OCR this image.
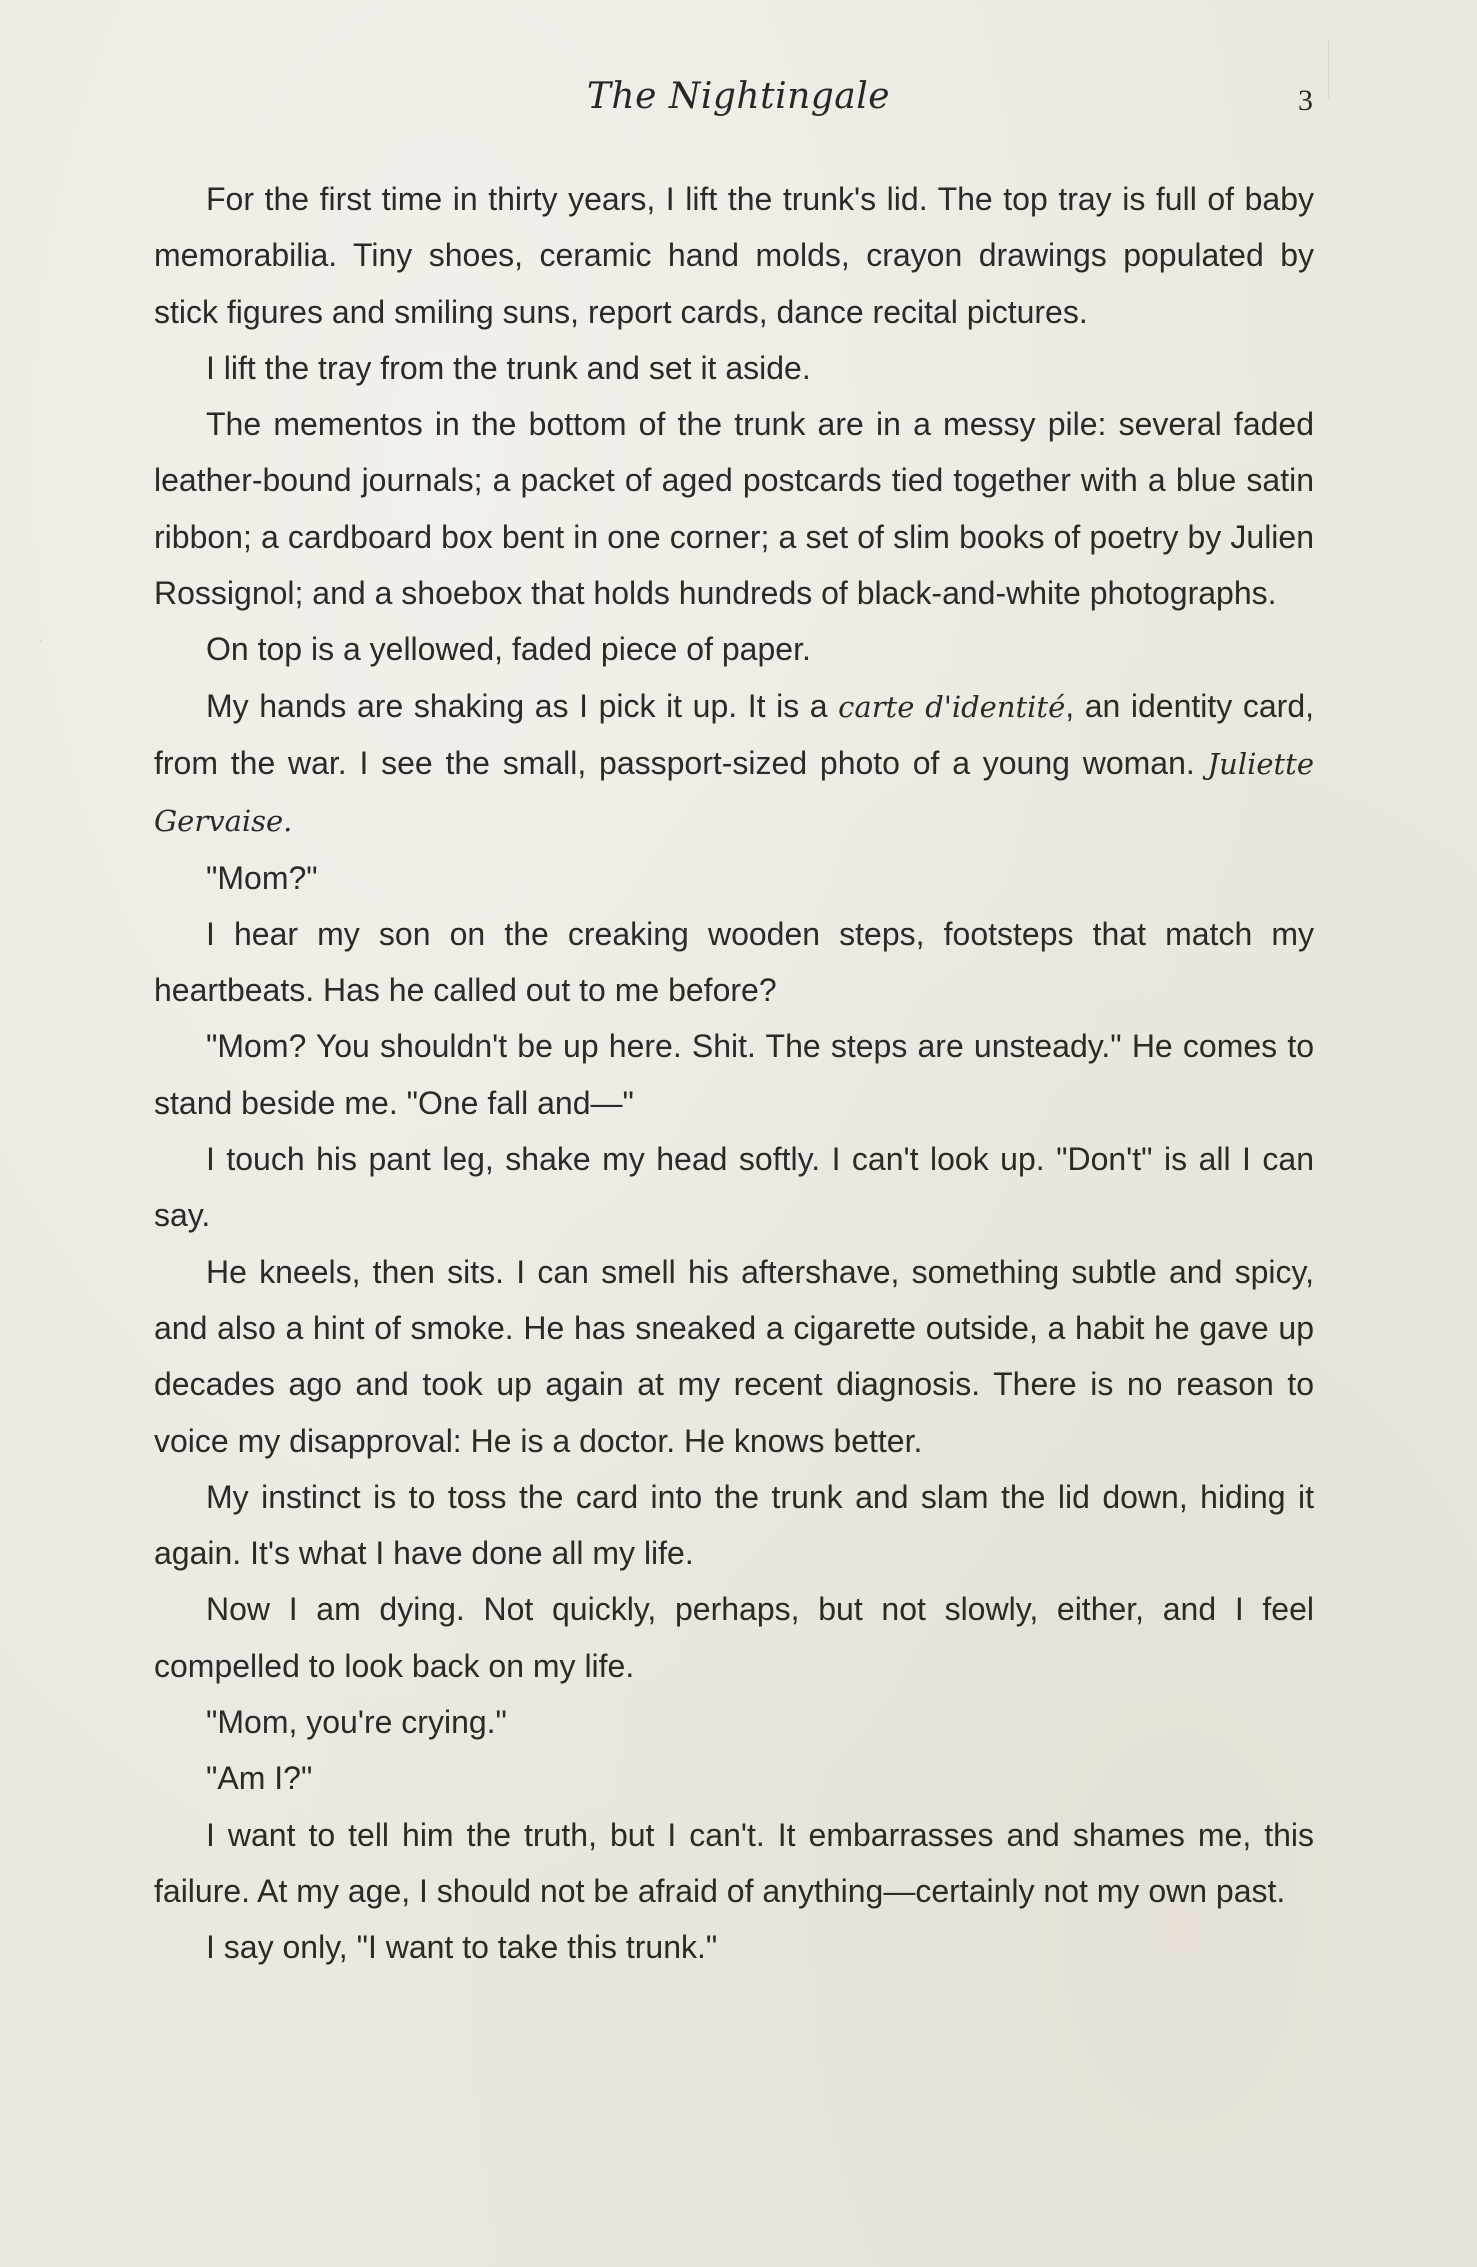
The Nightingale	3

For the first time in thirty years, I lift the trunk's lid. The top tray is full of baby memorabilia. Tiny shoes, ceramic hand molds, crayon drawings populated by stick figures and smiling suns, report cards, dance recital pictures.

I lift the tray from the trunk and set it aside.

The mementos in the bottom of the trunk are in a messy pile: several faded leather-bound journals; a packet of aged postcards tied together with a blue satin ribbon; a cardboard box bent in one corner; a set of slim books of poetry by Julien Rossignol; and a shoebox that holds hundreds of black-and-white photographs.

On top is a yellowed, faded piece of paper.

My hands are shaking as I pick it up. It is a carte d'identité, an identity card, from the war. I see the small, passport-sized photo of a young woman. Juliette Gervaise.

"Mom?"

I hear my son on the creaking wooden steps, footsteps that match my heartbeats. Has he called out to me before?

"Mom? You shouldn't be up here. Shit. The steps are unsteady." He comes to stand beside me. "One fall and—"

I touch his pant leg, shake my head softly. I can't look up. "Don't" is all I can say.

He kneels, then sits. I can smell his aftershave, something subtle and spicy, and also a hint of smoke. He has sneaked a cigarette outside, a habit he gave up decades ago and took up again at my recent diagnosis. There is no reason to voice my disapproval: He is a doctor. He knows better.

My instinct is to toss the card into the trunk and slam the lid down, hiding it again. It's what I have done all my life.

Now I am dying. Not quickly, perhaps, but not slowly, either, and I feel compelled to look back on my life.

"Mom, you're crying."

"Am I?"

I want to tell him the truth, but I can't. It embarrasses and shames me, this failure. At my age, I should not be afraid of anything—certainly not my own past.

I say only, "I want to take this trunk."
